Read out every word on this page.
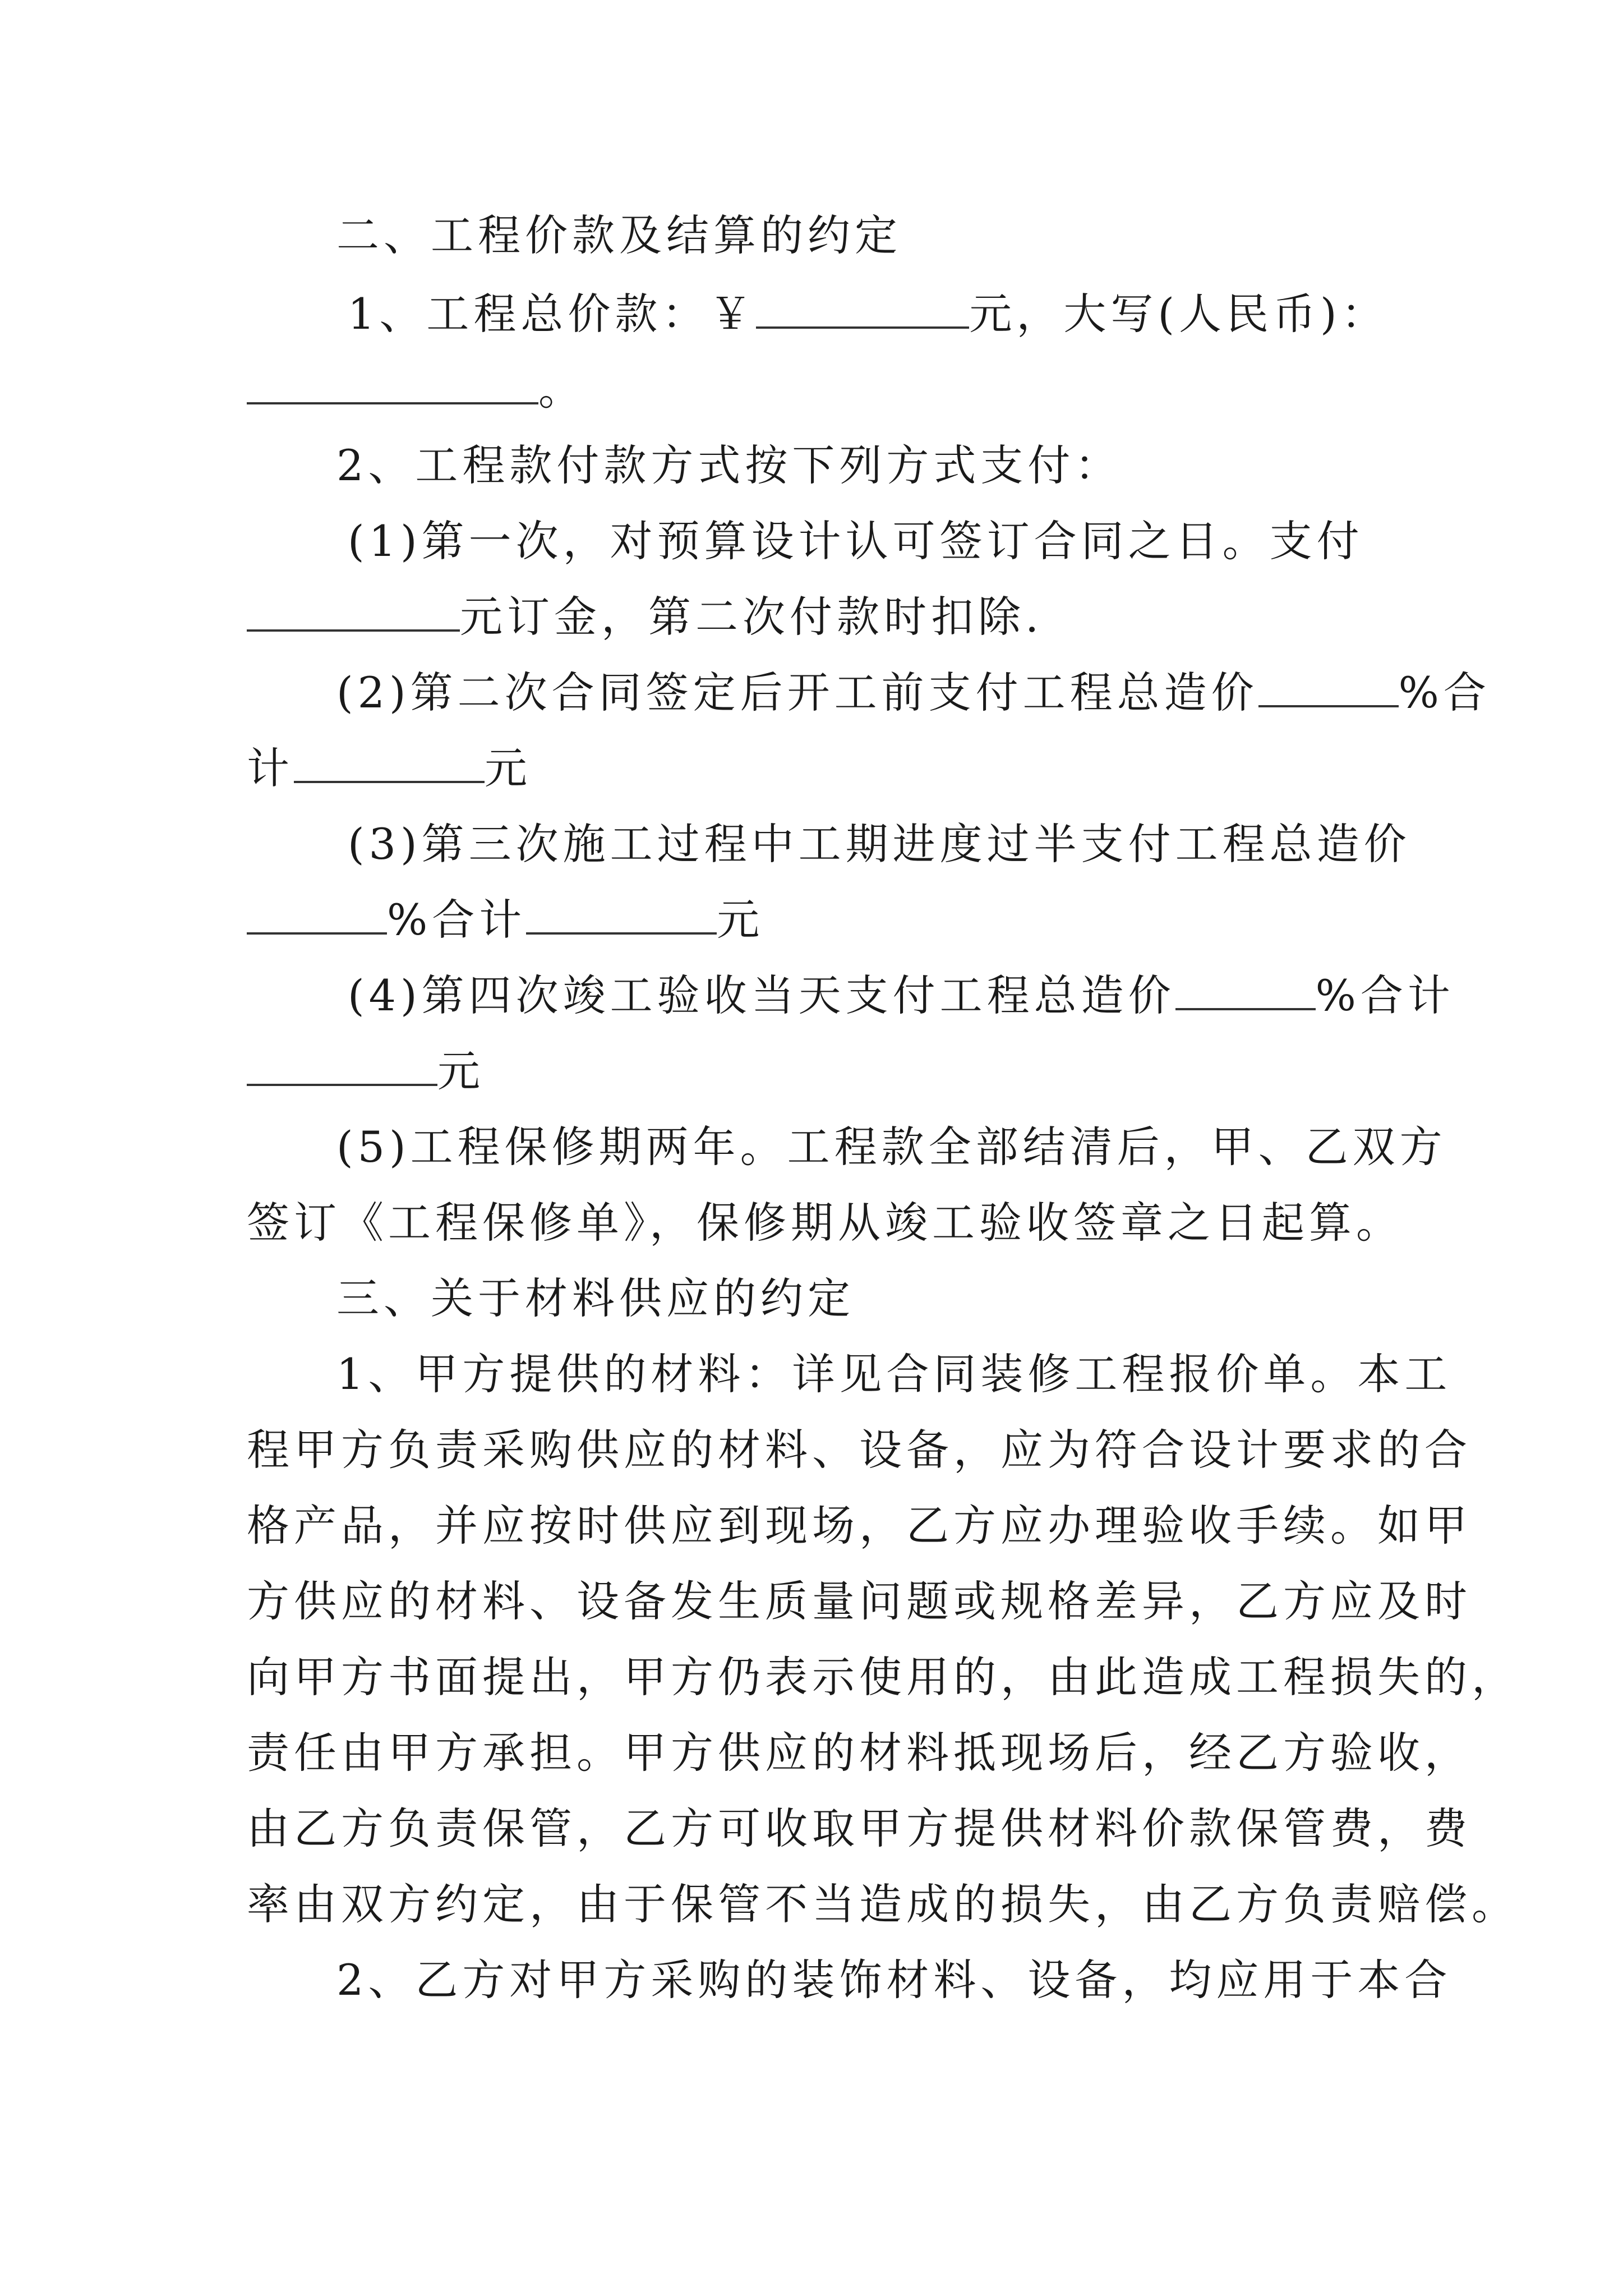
二、工程价款及结算的约定
1、工程总价款：￥	元，大写(人民币)：
。
2、工程款付款方式按下列方式支付：
(1)第一次，对预算设计认可签订合同之日。支付
元订金，第二次付款时扣除.
(2)第二次合同签定后开工前支付工程总造价	%合
计	元
(3)第三次施工过程中工期进度过半支付工程总造价
%合计	元
(4)第四次竣工验收当天支付工程总造价	%合计
元
(5)工程保修期两年。工程款全部结清后，甲、乙双方
签订《工程保修单》，保修期从竣工验收签章之日起算。
三、关于材料供应的约定
1、甲方提供的材料：详见合同装修工程报价单。本工
程甲方负责采购供应的材料、设备，应为符合设计要求的合
格产品，并应按时供应到现场，乙方应办理验收手续。如甲
方供应的材料、设备发生质量问题或规格差异，乙方应及时
向甲方书面提出，甲方仍表示使用的，由此造成工程损失的，
责任由甲方承担。甲方供应的材料抵现场后，经乙方验收，
由乙方负责保管，乙方可收取甲方提供材料价款保管费，费
率由双方约定，由于保管不当造成的损失，由乙方负责赔偿。
2、乙方对甲方采购的装饰材料、设备，均应用于本合
